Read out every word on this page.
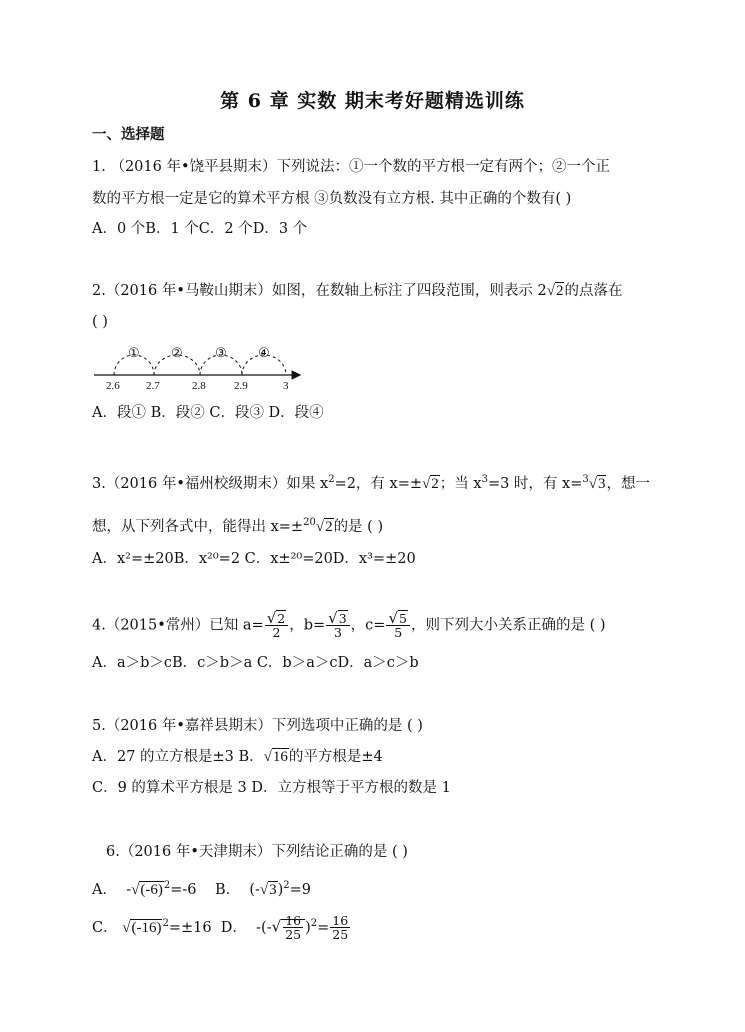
第 6 章 实数 期末考好题精选训练
一、选择题
1. （2016 年•饶平县期末）下列说法：①一个数的平方根一定有两个；②一个正
数的平方根一定是它的算术平方根 ③负数没有立方根. 其中正确的个数有( )
A．0 个B．1 个C．2 个D．3 个
2.（2016 年•马鞍山期末）如图，在数轴上标注了四段范围，则表示 2√2的点落在
( )
2.6 2.7	2.8	2.9	3
① ② ③ ④
A．段① B．段② C．段③ D．段④
3.（2016 年•福州校级期末）如果 $x^2=2$，有 x=±√2；当 $x^3=3$ 时，有 x=$^3$√3，想一
想，从下列各式中，能得出 x=±$^{20}$√2的是 ( )
A．x²=±20B．x²⁰=2 C．x±²⁰=20D．x³=±20
4.（2015•常州）已知 $a= \frac{√2}{2}$ ，$b= \frac{√3}{3}$ ，$c= \frac{√5}{5}$ ，则下列大小关系正确的是 ( )
A．a＞b＞cB．c＞b＞a C．b＞a＞cD．a＞c＞b
5.（2016 年•嘉祥县期末）下列选项中正确的是 ( )
A．27 的立方根是±3 B．√16的平方根是±4
C．9 的算术平方根是 3 D．立方根等于平方根的数是 1
6.（2016 年•天津期末）下列结论正确的是 ( )
A．  $-√(-6)^2=-6$ B． $(-√3)^2=9$
C． $√(-16)^2=\pm 16$ D． -(-√ $\frac{16}{25} )^2= \frac{16}{25}$
